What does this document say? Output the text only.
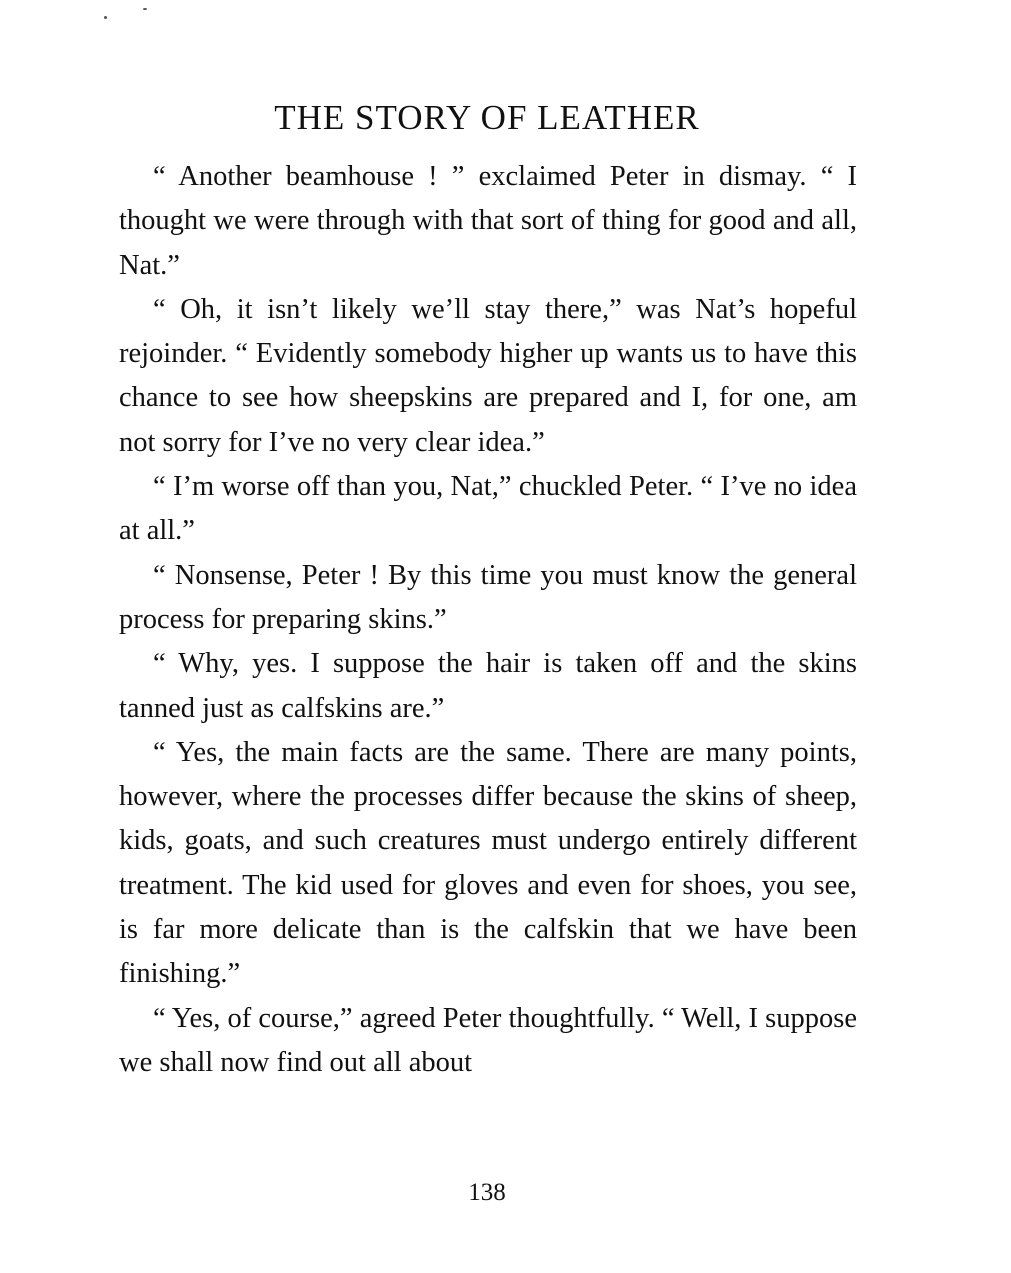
THE STORY OF LEATHER

“ Another beamhouse ! ” exclaimed Peter in dismay. “ I thought we were through with that sort of thing for good and all, Nat.”

“ Oh, it isn’t likely we’ll stay there,” was Nat’s hopeful rejoinder. “ Evidently somebody higher up wants us to have this chance to see how sheepskins are prepared and I, for one, am not sorry for I’ve no very clear idea.”

“ I’m worse off than you, Nat,” chuckled Peter. “ I’ve no idea at all.”

“ Nonsense, Peter ! By this time you must know the general process for preparing skins.”

“ Why, yes. I suppose the hair is taken off and the skins tanned just as calfskins are.”

“ Yes, the main facts are the same. There are many points, however, where the processes differ because the skins of sheep, kids, goats, and such creatures must undergo entirely different treatment. The kid used for gloves and even for shoes, you see, is far more delicate than is the calfskin that we have been finishing.”

“ Yes, of course,” agreed Peter thoughtfully. “ Well, I suppose we shall now find out all about

138
